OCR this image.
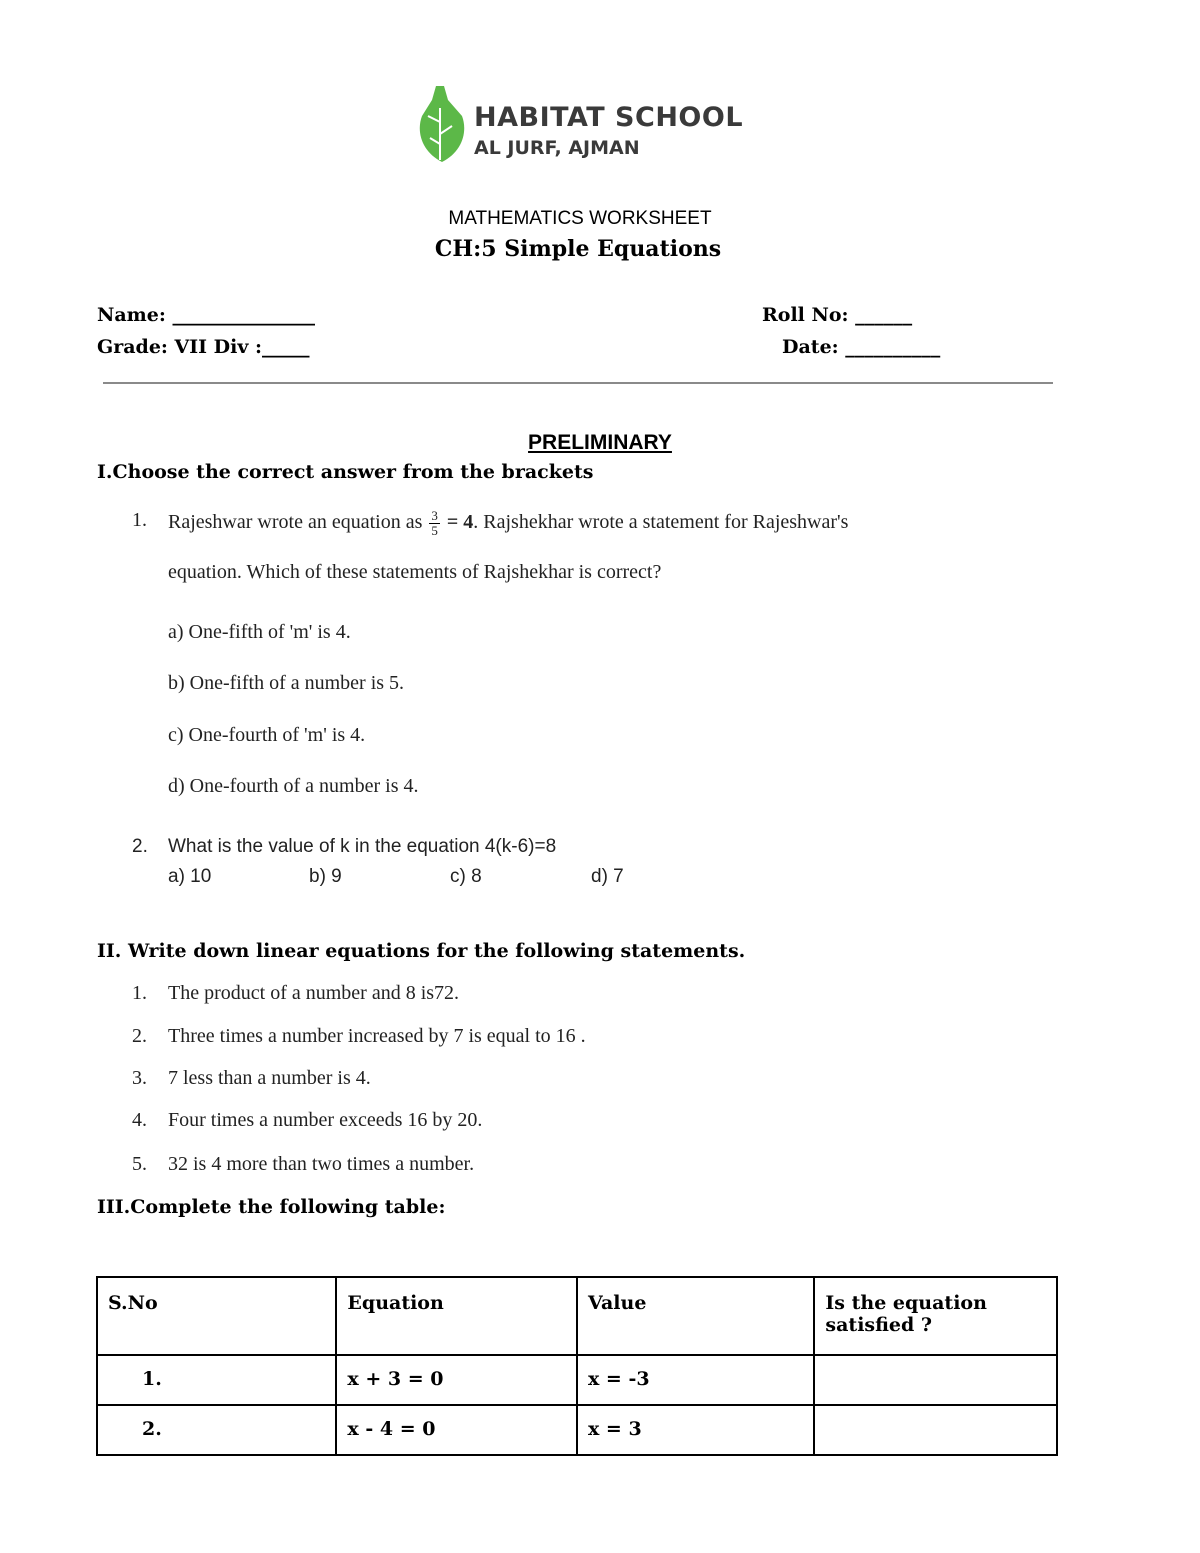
HABITAT SCHOOL
AL JURF, AJMAN
MATHEMATICS WORKSHEET
CH:5 Simple Equations
Name: _______________	Roll No: ______
Grade: VII Div :_____	Date: __________
PRELIMINARY
I.Choose the correct answer from the brackets
1. Rajeshwar wrote an equation as $\frac{3}{5} = 4$. Rajshekhar wrote a statement for Rajeshwar's
equation. Which of these statements of Rajshekhar is correct?
a) One-fifth of 'm' is 4.
b) One-fifth of a number is 5.
c) One-fourth of 'm' is 4.
d) One-fourth of a number is 4.
2. What is the value of k in the equation 4(k-6)=8
a) 10	b) 9	c) 8	d) 7
II. Write down linear equations for the following statements.
1. The product of a number and 8 is72.
2. Three times a number increased by 7 is equal to 16 .
3. 7 less than a number is 4.
4. Four times a number exceeds 16 by 20.
5. 32 is 4 more than two times a number.
III.Complete the following table:
S.No	Equation	Value	Is the equation satisfied ?
1.	x + 3 = 0	x = -3	
2.	x - 4 = 0	x = 3	
